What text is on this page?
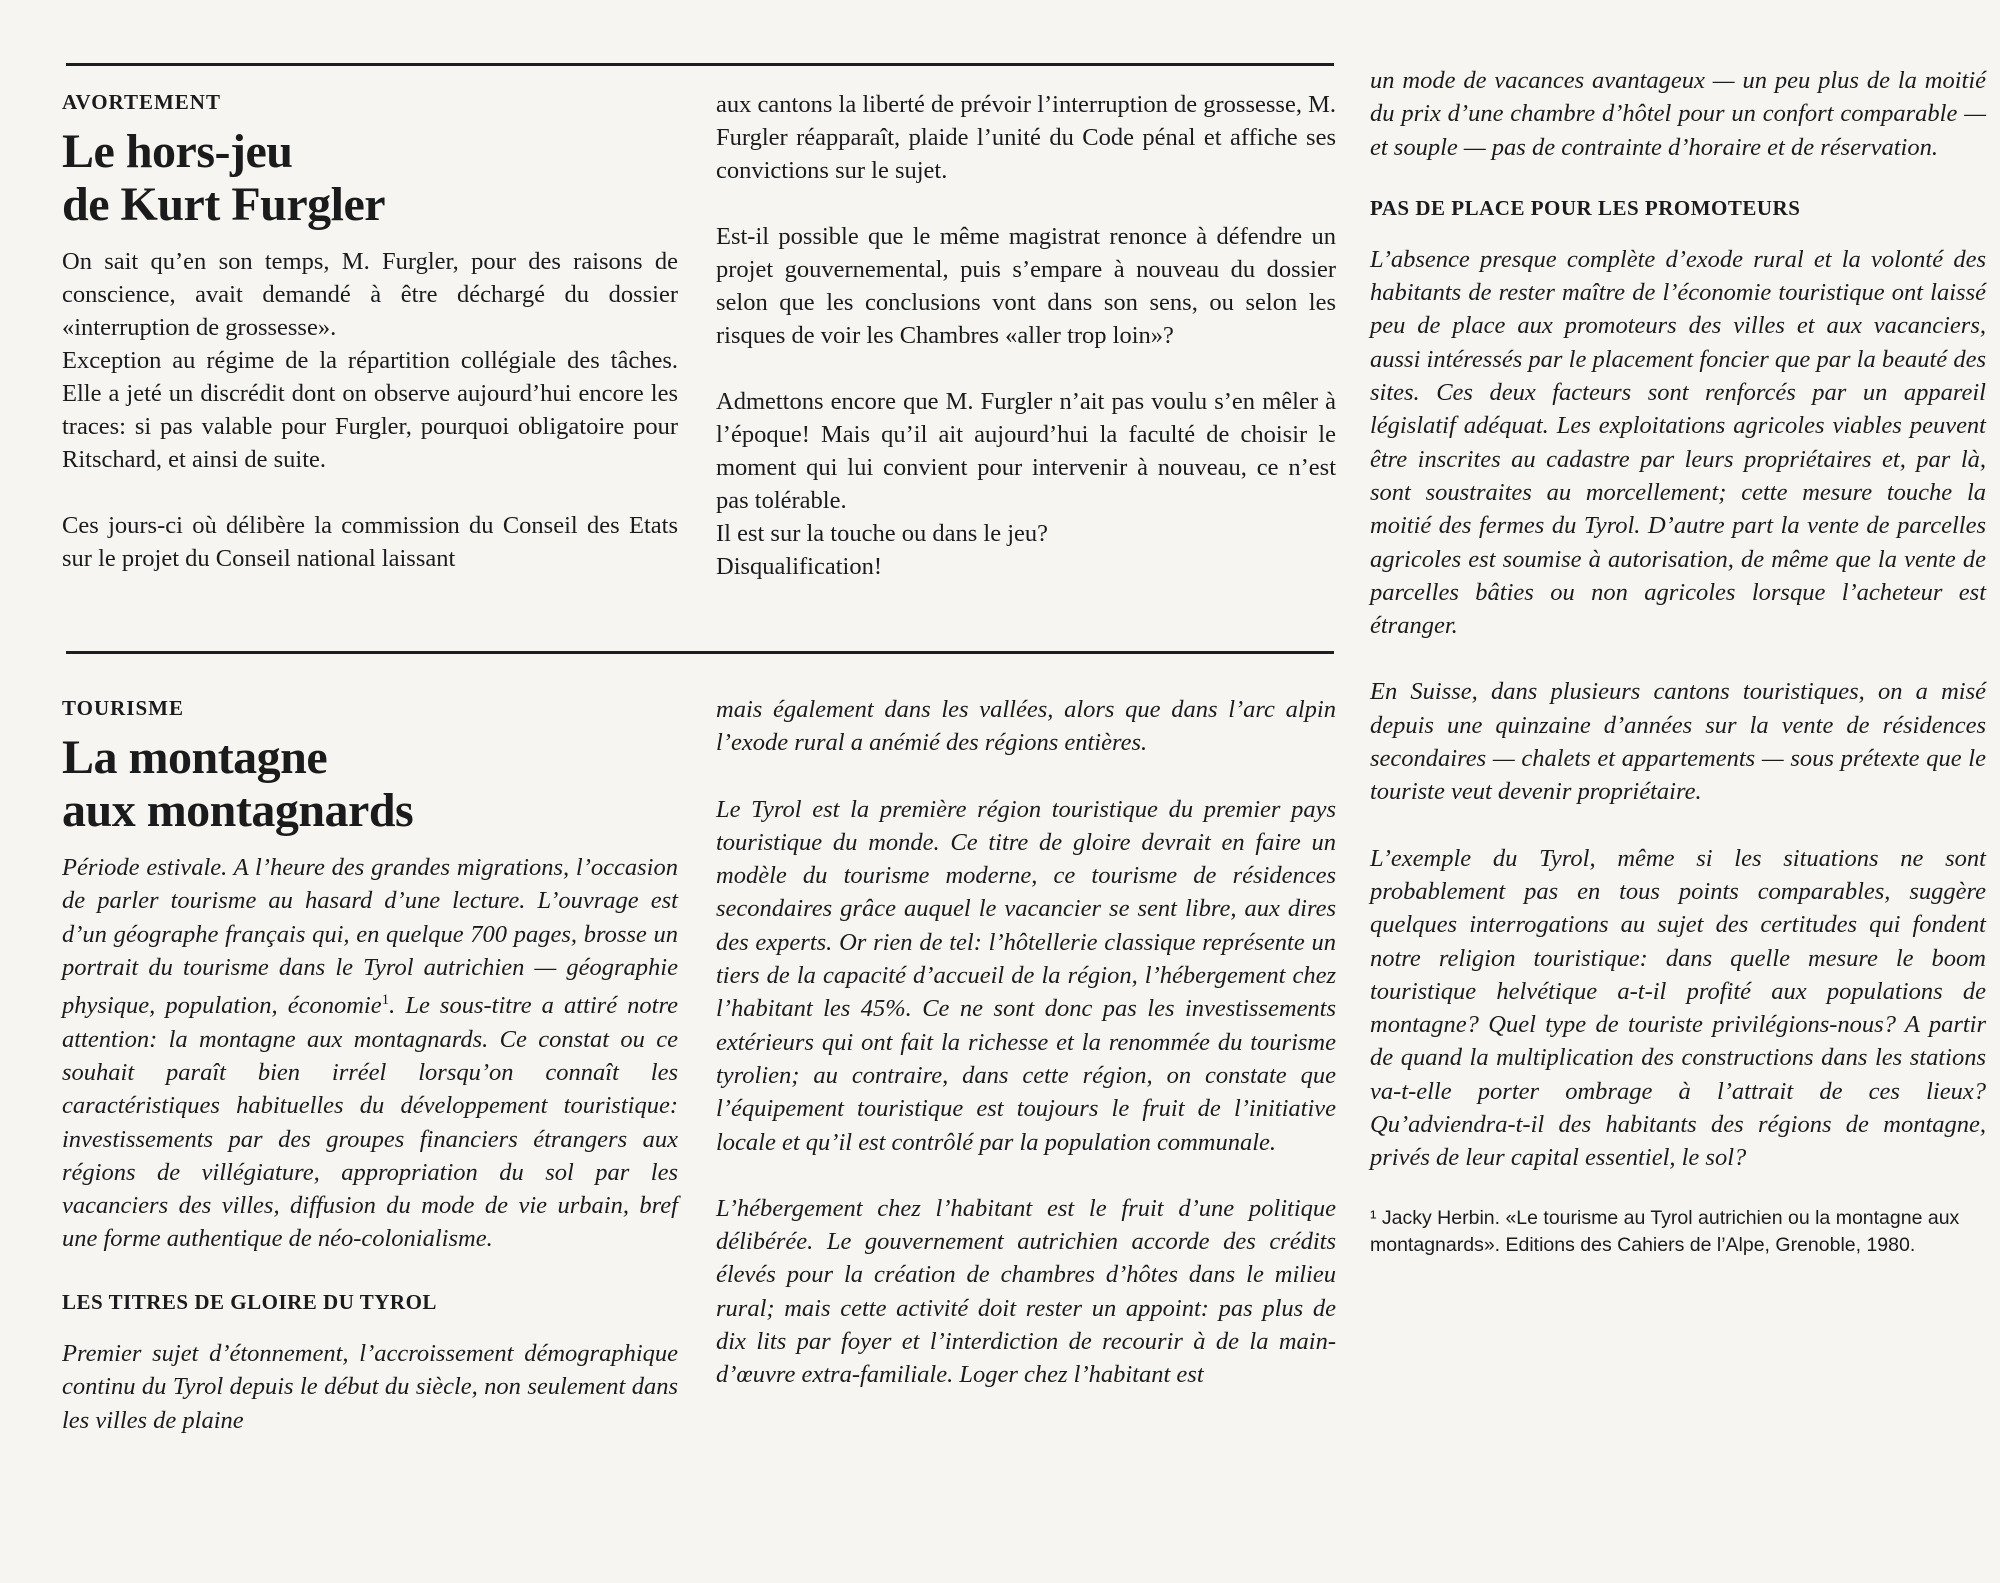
AVORTEMENT
Le hors-jeu
de Kurt Furgler

On sait qu’en son temps, M. Furgler, pour des raisons de conscience, avait demandé à être déchargé du dossier «interruption de grossesse».

Exception au régime de la répartition collégiale des tâches. Elle a jeté un discrédit dont on observe aujourd’hui encore les traces: si pas valable pour Furgler, pourquoi obligatoire pour Ritschard, et ainsi de suite.

Ces jours-ci où délibère la commission du Conseil des Etats sur le projet du Conseil national laissant

aux cantons la liberté de prévoir l’interruption de grossesse, M. Furgler réapparaît, plaide l’unité du Code pénal et affiche ses convictions sur le sujet.

Est-il possible que le même magistrat renonce à défendre un projet gouvernemental, puis s’empare à nouveau du dossier selon que les conclusions vont dans son sens, ou selon les risques de voir les Chambres «aller trop loin»?

Admettons encore que M. Furgler n’ait pas voulu s’en mêler à l’époque! Mais qu’il ait aujourd’hui la faculté de choisir le moment qui lui convient pour intervenir à nouveau, ce n’est pas tolérable.

Il est sur la touche ou dans le jeu?

Disqualification!

TOURISME
La montagne
aux montagnards

Période estivale. A l’heure des grandes migrations, l’occasion de parler tourisme au hasard d’une lecture. L’ouvrage est d’un géographe français qui, en quelque 700 pages, brosse un portrait du tourisme dans le Tyrol autrichien — géographie physique, population, économie$^1$. Le sous-titre a attiré notre attention: la montagne aux montagnards. Ce constat ou ce souhait paraît bien irréel lorsqu’on connaît les caractéristiques habituelles du développement touristique: investissements par des groupes financiers étrangers aux régions de villégiature, appropriation du sol par les vacanciers des villes, diffusion du mode de vie urbain, bref une forme authentique de néo-colonialisme.

LES TITRES DE GLOIRE DU TYROL

Premier sujet d’étonnement, l’accroissement démographique continu du Tyrol depuis le début du siècle, non seulement dans les villes de plaine

mais également dans les vallées, alors que dans l’arc alpin l’exode rural a anémié des régions entières.

Le Tyrol est la première région touristique du premier pays touristique du monde. Ce titre de gloire devrait en faire un modèle du tourisme moderne, ce tourisme de résidences secondaires grâce auquel le vacancier se sent libre, aux dires des experts. Or rien de tel: l’hôtellerie classique représente un tiers de la capacité d’accueil de la région, l’hébergement chez l’habitant les 45%. Ce ne sont donc pas les investissements extérieurs qui ont fait la richesse et la renommée du tourisme tyrolien; au contraire, dans cette région, on constate que l’équipement touristique est toujours le fruit de l’initiative locale et qu’il est contrôlé par la population communale.

L’hébergement chez l’habitant est le fruit d’une politique délibérée. Le gouvernement autrichien accorde des crédits élevés pour la création de chambres d’hôtes dans le milieu rural; mais cette activité doit rester un appoint: pas plus de dix lits par foyer et l’interdiction de recourir à de la main-d’œuvre extra-familiale. Loger chez l’habitant est

un mode de vacances avantageux — un peu plus de la moitié du prix d’une chambre d’hôtel pour un confort comparable — et souple — pas de contrainte d’horaire et de réservation.

PAS DE PLACE POUR LES PROMOTEURS

L’absence presque complète d’exode rural et la volonté des habitants de rester maître de l’économie touristique ont laissé peu de place aux promoteurs des villes et aux vacanciers, aussi intéressés par le placement foncier que par la beauté des sites. Ces deux facteurs sont renforcés par un appareil législatif adéquat. Les exploitations agricoles viables peuvent être inscrites au cadastre par leurs propriétaires et, par là, sont soustraites au morcellement; cette mesure touche la moitié des fermes du Tyrol. D’autre part la vente de parcelles agricoles est soumise à autorisation, de même que la vente de parcelles bâties ou non agricoles lorsque l’acheteur est étranger.

En Suisse, dans plusieurs cantons touristiques, on a misé depuis une quinzaine d’années sur la vente de résidences secondaires — chalets et appartements — sous prétexte que le touriste veut devenir propriétaire.

L’exemple du Tyrol, même si les situations ne sont probablement pas en tous points comparables, suggère quelques interrogations au sujet des certitudes qui fondent notre religion touristique: dans quelle mesure le boom touristique helvétique a-t-il profité aux populations de montagne? Quel type de touriste privilégions-nous? A partir de quand la multiplication des constructions dans les stations va-t-elle porter ombrage à l’attrait de ces lieux? Qu’adviendra-t-il des habitants des régions de montagne, privés de leur capital essentiel, le sol?

¹ Jacky Herbin. «Le tourisme au Tyrol autrichien ou la montagne aux montagnards». Editions des Cahiers de l’Alpe, Grenoble, 1980.
